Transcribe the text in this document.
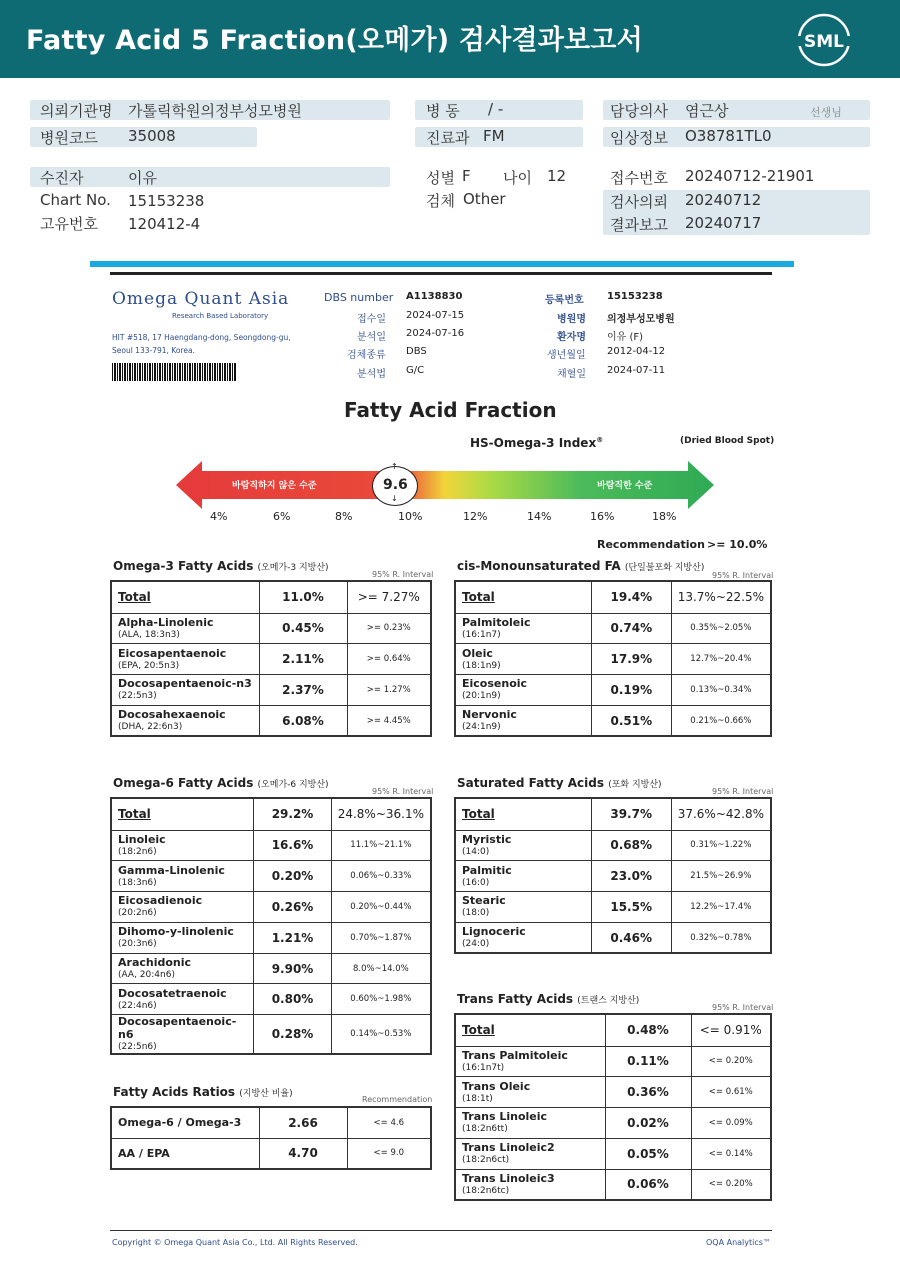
Fatty Acid 5 Fraction(오메가) 검사결과보고서	SML
의뢰기관명 가톨릭학원의정부성모병원
병원코드 35008
병 동 / -
진료과 FM
담당의사 염근상	선생님
임상정보 O38781TL0
수진자	이유
Chart No. 15153238
고유번호 120412-4
성별 F 나이 12
검체 Other
접수번호 20240712-21901
검사의뢰 20240712
결과보고 20240717
Omega Quant Asia
Research Based Laboratory
HIT #518, 17 Haengdang-dong, Seongdong-gu,
Seoul 133-791, Korea.
DBS number A1138830
접수일 2024-07-15
분석일 2024-07-16
검체종류 DBS
분석법 G/C
등록번호 15153238
병원명 의정부성모병원
환자명 이유 (F)
생년월일 2012-04-12
채혈일 2024-07-11
Fatty Acid Fraction
HS-Omega-3 Index®	(Dried Blood Spot)
바람직하지 않은 수준	바람직한 수준
9.6
↑
↓
4%	6%	8%	10%	12%	14%	16%	18%
Recommendation >= 10.0%
Omega-3 Fatty Acids (오메가-3 지방산)
95% R. Interval
cis-Monounsaturated FA (단일불포화 지방산)
95% R. Interval
Omega-6 Fatty Acids (오메가-6 지방산)
95% R. Interval
Saturated Fatty Acids (포화 지방산)
95% R. Interval
Trans Fatty Acids (트랜스 지방산)
95% R. Interval
Fatty Acids Ratios (지방산 비율)
Recommendation
Total	11.0%	>= 7.27%

Alpha-Linolenic
(ALA, 18:3n3)	0.45%	>= 0.23%

Eicosapentaenoic
(EPA, 20:5n3)	2.11%	>= 0.64%

Docosapentaenoic-n3
(22:5n3)	2.37%	>= 1.27%

Docosahexaenoic
(DHA, 22:6n3)	6.08%	>= 4.45%
Total	19.4%	13.7%~22.5%

Palmitoleic
(16:1n7)	0.74%	0.35%~2.05%

Oleic
(18:1n9)	17.9%	12.7%~20.4%

Eicosenoic
(20:1n9)	0.19%	0.13%~0.34%

Nervonic
(24:1n9)	0.51%	0.21%~0.66%
Total	29.2%	24.8%~36.1%

Linoleic
(18:2n6)	16.6%	11.1%~21.1%

Gamma-Linolenic
(18:3n6)	0.20%	0.06%~0.33%

Eicosadienoic
(20:2n6)	0.26%	0.20%~0.44%

Dihomo-y-linolenic
(20:3n6)	1.21%	0.70%~1.87%

Arachidonic
(AA, 20:4n6)	9.90%	8.0%~14.0%

Docosatetraenoic
(22:4n6)	0.80%	0.60%~1.98%

Docosapentaenoic-n6
(22:5n6)	0.28%	0.14%~0.53%
Total	39.7%	37.6%~42.8%

Myristic
(14:0)	0.68%	0.31%~1.22%

Palmitic
(16:0)	23.0%	21.5%~26.9%

Stearic
(18:0)	15.5%	12.2%~17.4%

Lignoceric
(24:0)	0.46%	0.32%~0.78%
Total	0.48%	<= 0.91%

Trans Palmitoleic
(16:1n7t)	0.11%	<= 0.20%

Trans Oleic
(18:1t)	0.36%	<= 0.61%

Trans Linoleic
(18:2n6tt)	0.02%	<= 0.09%

Trans Linoleic2
(18:2n6ct)	0.05%	<= 0.14%

Trans Linoleic3
(18:2n6tc)	0.06%	<= 0.20%
Omega-6 / Omega-3	2.66	<= 4.6

AA / EPA	4.70	<= 9.0
Copyright © Omega Quant Asia Co., Ltd. All Rights Reserved.	OQA Analytics™
